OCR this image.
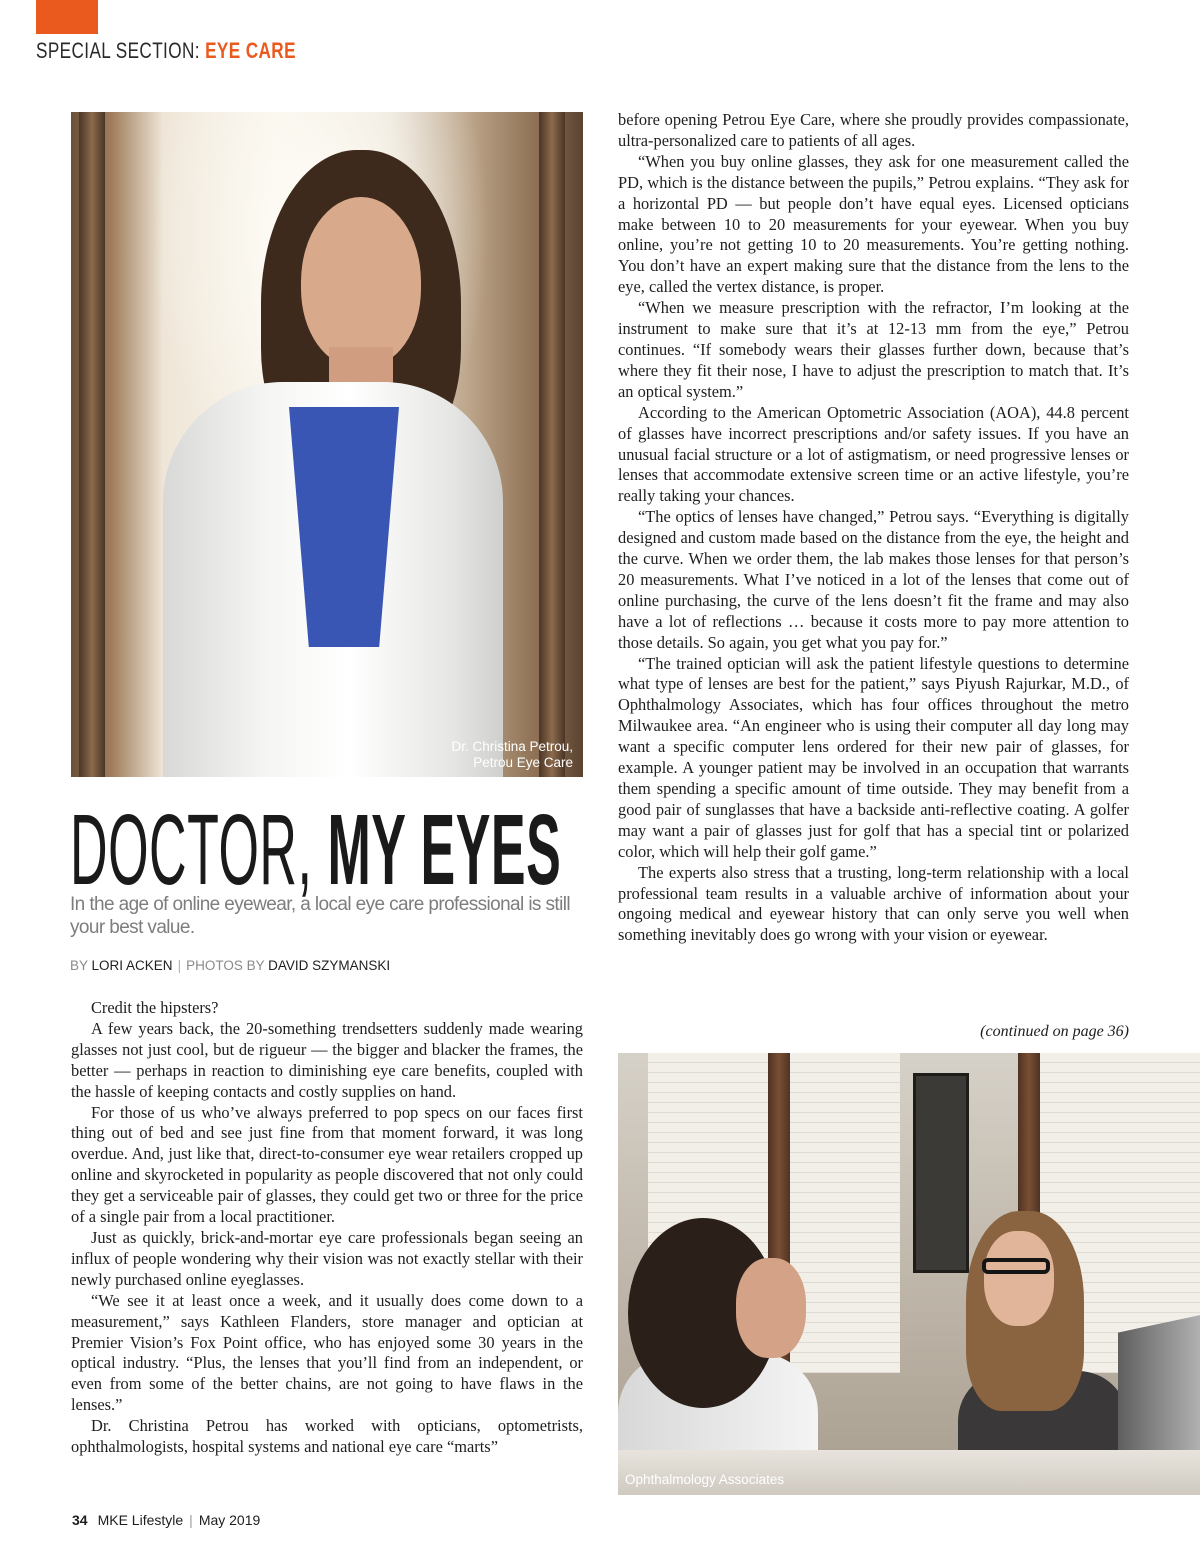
SPECIAL SECTION: EYE CARE
Dr. Christina Petrou,
Petrou Eye Care
DOCTOR, MY EYES
In the age of online eyewear, a local eye care professional is still your best value.
BY LORI ACKEN | PHOTOS BY DAVID SZYMANSKI

Credit the hipsters?

A few years back, the 20-something trendsetters suddenly made wearing glasses not just cool, but de rigueur — the bigger and blacker the frames, the better — perhaps in reaction to diminishing eye care benefits, coupled with the hassle of keeping contacts and costly supplies on hand.

For those of us who’ve always preferred to pop specs on our faces first thing out of bed and see just fine from that moment forward, it was long overdue. And, just like that, direct-to-consumer eye wear retailers cropped up online and skyrocketed in popularity as people discovered that not only could they get a serviceable pair of glasses, they could get two or three for the price of a single pair from a local practitioner.

Just as quickly, brick-and-mortar eye care professionals began seeing an influx of people wondering why their vision was not exactly stellar with their newly purchased online eyeglasses.

“We see it at least once a week, and it usually does come down to a measurement,” says Kathleen Flanders, store manager and optician at Premier Vision’s Fox Point office, who has enjoyed some 30 years in the optical industry. “Plus, the lenses that you’ll find from an independent, or even from some of the better chains, are not going to have flaws in the lenses.”

Dr. Christina Petrou has worked with opticians, optometrists, ophthalmologists, hospital systems and national eye care “marts”

before opening Petrou Eye Care, where she proudly provides compassionate, ultra-personalized care to patients of all ages.

“When you buy online glasses, they ask for one measurement called the PD, which is the distance between the pupils,” Petrou explains. “They ask for a horizontal PD — but people don’t have equal eyes. Licensed opticians make between 10 to 20 measurements for your eyewear. When you buy online, you’re not getting 10 to 20 measurements. You’re getting nothing. You don’t have an expert making sure that the distance from the lens to the eye, called the vertex distance, is proper.

“When we measure prescription with the refractor, I’m looking at the instrument to make sure that it’s at 12-13 mm from the eye,” Petrou continues. “If somebody wears their glasses further down, because that’s where they fit their nose, I have to adjust the prescription to match that. It’s an optical system.”

According to the American Optometric Association (AOA), 44.8 percent of glasses have incorrect prescriptions and/or safety issues. If you have an unusual facial structure or a lot of astigmatism, or need progressive lenses or lenses that accommodate extensive screen time or an active lifestyle, you’re really taking your chances.

“The optics of lenses have changed,” Petrou says. “Everything is digitally designed and custom made based on the distance from the eye, the height and the curve. When we order them, the lab makes those lenses for that person’s 20 measurements. What I’ve noticed in a lot of the lenses that come out of online purchasing, the curve of the lens doesn’t fit the frame and may also have a lot of reflections … because it costs more to pay more attention to those details. So again, you get what you pay for.”

“The trained optician will ask the patient lifestyle questions to determine what type of lenses are best for the patient,” says Piyush Rajurkar, M.D., of Ophthalmology Associates, which has four offices throughout the metro Milwaukee area. “An engineer who is using their computer all day long may want a specific computer lens ordered for their new pair of glasses, for example. A younger patient may be involved in an occupation that warrants them spending a specific amount of time outside. They may benefit from a good pair of sunglasses that have a backside anti-reflective coating. A golfer may want a pair of glasses just for golf that has a special tint or polarized color, which will help their golf game.”

The experts also stress that a trusting, long-term relationship with a local professional team results in a valuable archive of information about your ongoing medical and eyewear history that can only serve you well when something inevitably does go wrong with your vision or eyewear.

(continued on page 36)
Ophthalmology Associates
34 MKE Lifestyle | May 2019
